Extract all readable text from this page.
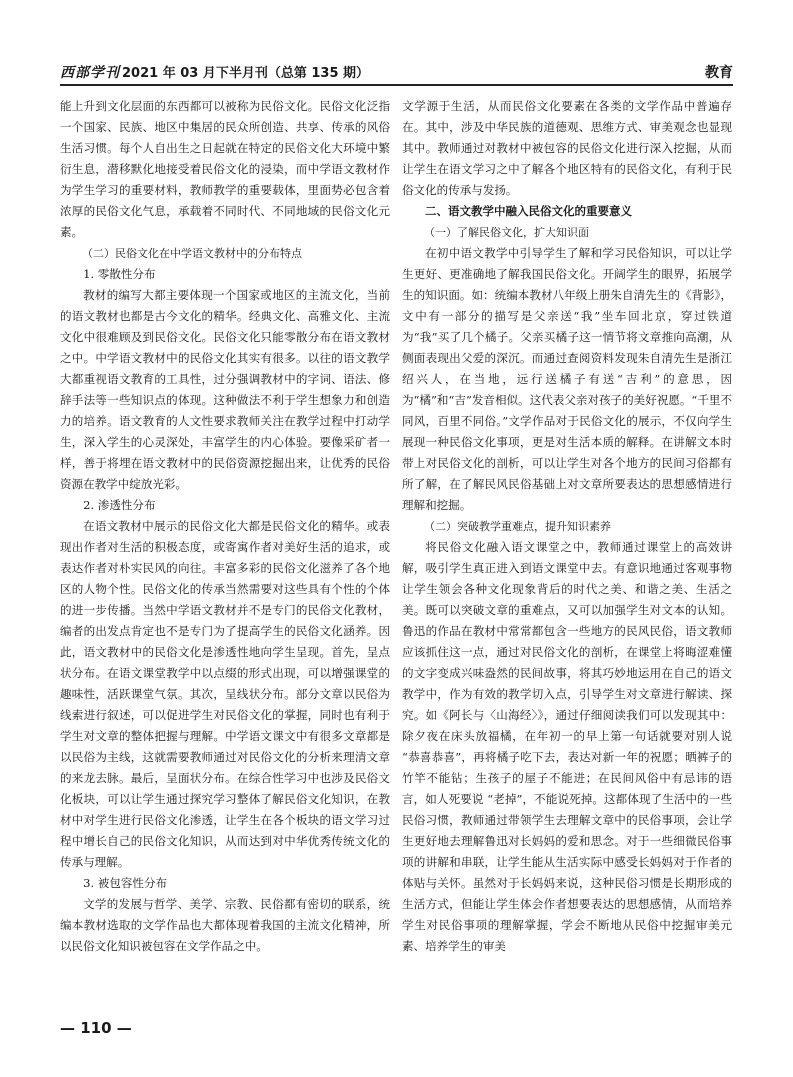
西部学刊 2021 年 03 月下半月刊（总第 135 期）	教育

能上升到文化层面的东西都可以被称为民俗文化。民俗文化泛指一个国家、民族、地区中集居的民众所创造、共享、传承的风俗生活习惯。每个人自出生之日起就在特定的民俗文化大环境中繁衍生息，潜移默化地接受着民俗文化的浸染，而中学语文教材作为学生学习的重要材料，教师教学的重要载体，里面势必包含着浓厚的民俗文化气息，承载着不同时代、不同地域的民俗文化元素。

（二）民俗文化在中学语文教材中的分布特点

1. 零散性分布

教材的编写大都主要体现一个国家或地区的主流文化，当前的语文教材也都是古今文化的精华。经典文化、高雅文化、主流文化中很难顾及到民俗文化。民俗文化只能零散分布在语文教材之中。中学语文教材中的民俗文化其实有很多。以往的语文教学大都重视语文教育的工具性，过分强调教材中的字词、语法、修辞手法等一些知识点的体现。这种做法不利于学生想象力和创造力的培养。语文教育的人文性要求教师关注在教学过程中打动学生，深入学生的心灵深处，丰富学生的内心体验。要像采矿者一样，善于将埋在语文教材中的民俗资源挖掘出来，让优秀的民俗资源在教学中绽放光彩。

2. 渗透性分布

在语文教材中展示的民俗文化大都是民俗文化的精华。或表现出作者对生活的积极态度，或寄寓作者对美好生活的追求，或表达作者对朴实民风的向往。丰富多彩的民俗文化滋养了各个地区的人物个性。民俗文化的传承当然需要对这些具有个性的个体的进一步传播。当然中学语文教材并不是专门的民俗文化教材，编者的出发点肯定也不是专门为了提高学生的民俗文化涵养。因此，语文教材中的民俗文化是渗透性地向学生呈现。首先，呈点状分布。在语文课堂教学中以点缀的形式出现，可以增强课堂的趣味性，活跃课堂气氛。其次，呈线状分布。部分文章以民俗为线索进行叙述，可以促进学生对民俗文化的掌握，同时也有利于学生对文章的整体把握与理解。中学语文课文中有很多文章都是以民俗为主线，这就需要教师通过对民俗文化的分析来理清文章的来龙去脉。最后，呈面状分布。在综合性学习中也涉及民俗文化板块，可以让学生通过探究学习整体了解民俗文化知识，在教材中对学生进行民俗文化渗透，让学生在各个板块的语文学习过程中增长自己的民俗文化知识，从而达到对中华优秀传统文化的传承与理解。

3. 被包容性分布

文学的发展与哲学、美学、宗教、民俗都有密切的联系，统编本教材选取的文学作品也大都体现着我国的主流文化精神，所以民俗文化知识被包容在文学作品之中。

文学源于生活，从而民俗文化要素在各类的文学作品中普遍存在。其中，涉及中华民族的道德观、思维方式、审美观念也显现其中。教师通过对教材中被包容的民俗文化进行深入挖掘，从而让学生在语文学习之中了解各个地区特有的民俗文化，有利于民俗文化的传承与发扬。

二、语文教学中融入民俗文化的重要意义

（一）了解民俗文化，扩大知识面

在初中语文教学中引导学生了解和学习民俗知识，可以让学生更好、更准确地了解我国民俗文化。开阔学生的眼界，拓展学生的知识面。如：统编本教材八年级上册朱自清先生的《背影》，文中有一部分的描写是父亲送“我”坐车回北京，穿过铁道为“我”买了几个橘子。父亲买橘子这一情节将文章推向高潮，从侧面表现出父爱的深沉。而通过查阅资料发现朱自清先生是浙江绍兴人，在当地，远行送橘子有送“吉利”的意思，因为“橘”和“吉”发音相似。这代表父亲对孩子的美好祝愿。“千里不同风，百里不同俗。”文学作品对于民俗文化的展示，不仅向学生展现一种民俗文化事项，更是对生活本质的解释。在讲解文本时带上对民俗文化的剖析，可以让学生对各个地方的民间习俗都有所了解，在了解民风民俗基础上对文章所要表达的思想感情进行理解和挖掘。

（二）突破教学重难点，提升知识素养

将民俗文化融入语文课堂之中，教师通过课堂上的高效讲解，吸引学生真正进入到语文课堂中去。有意识地通过客观事物让学生领会各种文化现象背后的时代之美、和谐之美、生活之美。既可以突破文章的重难点，又可以加强学生对文本的认知。鲁迅的作品在教材中常常都包含一些地方的民风民俗，语文教师应该抓住这一点，通过对民俗文化的剖析，在课堂上将晦涩难懂的文字变成兴味盎然的民间故事，将其巧妙地运用在自己的语文教学中，作为有效的教学切入点，引导学生对文章进行解读、探究。如《阿长与〈山海经〉》，通过仔细阅读我们可以发现其中：除夕夜在床头放福橘，在年初一的早上第一句话就要对别人说 “恭喜恭喜”，再将橘子吃下去，表达对新一年的祝愿；晒裤子的竹竿不能钻；生孩子的屋子不能进；在民间风俗中有忌讳的语言，如人死要说 “老掉”，不能说死掉。这都体现了生活中的一些民俗习惯，教师通过带领学生去理解文章中的民俗事项，会让学生更好地去理解鲁迅对长妈妈的爱和思念。对于一些细微民俗事项的讲解和串联，让学生能从生活实际中感受长妈妈对于作者的体贴与关怀。虽然对于长妈妈来说，这种民俗习惯是长期形成的生活方式，但能让学生体会作者想要表达的思想感情，从而培养学生对民俗事项的理解掌握，学会不断地从民俗中挖掘审美元素、培养学生的审美

— 110 —
